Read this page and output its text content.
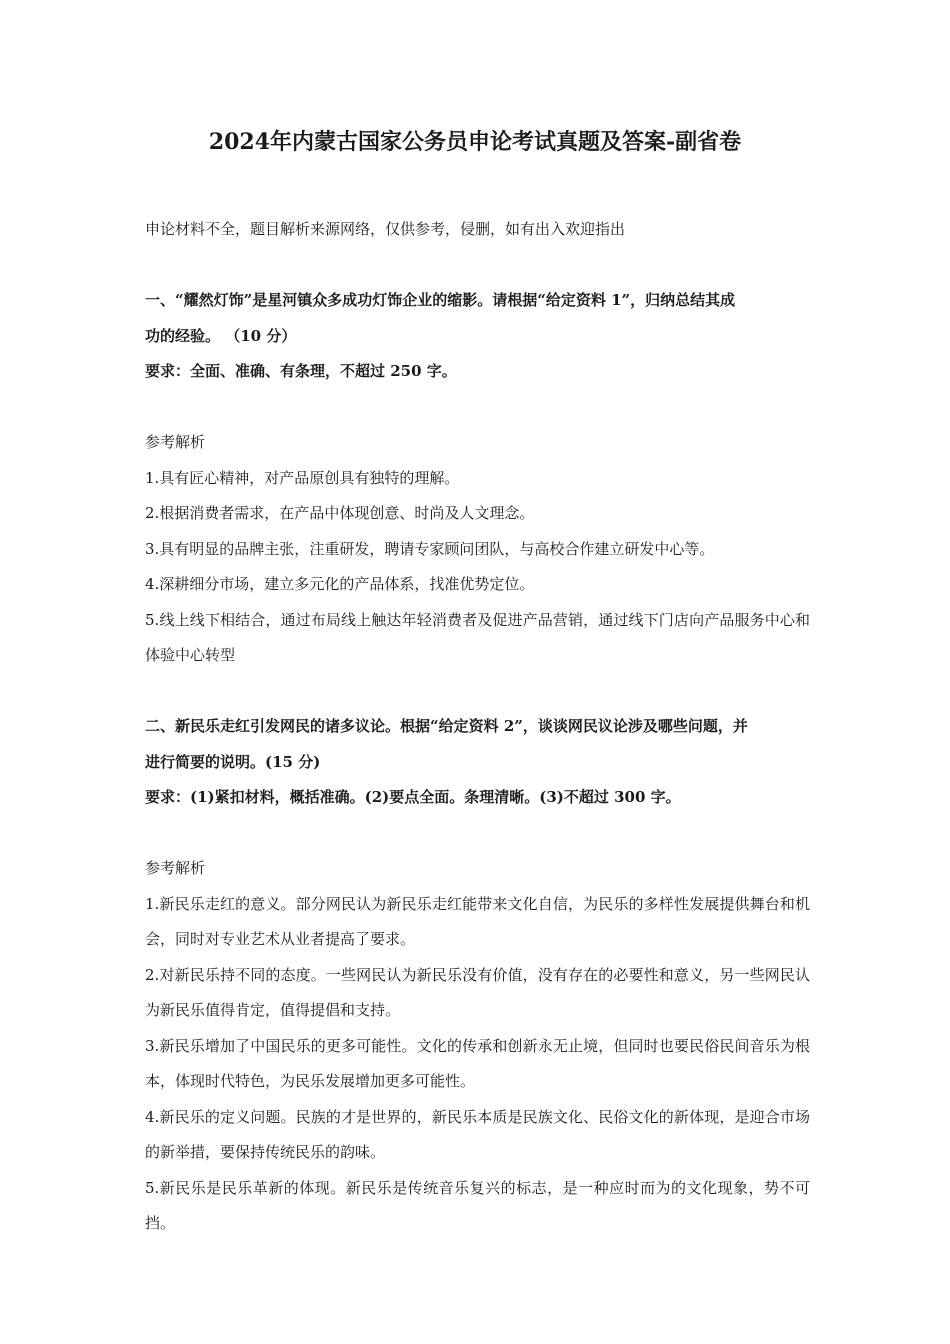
2024年内蒙古国家公务员申论考试真题及答案-副省卷

申论材料不全，题目解析来源网络，仅供参考，侵删，如有出入欢迎指出

一、“耀然灯饰”是星河镇众多成功灯饰企业的缩影。请根据“给定资料 1”，归纳总结其成

功的经验。 （10 分）

要求：全面、准确、有条理，不超过 250 字。

参考解析

1.具有匠心精神，对产品原创具有独特的理解。

2.根据消费者需求，在产品中体现创意、时尚及人文理念。

3.具有明显的品牌主张，注重研发，聘请专家顾问团队，与高校合作建立研发中心等。

4.深耕细分市场，建立多元化的产品体系，找准优势定位。

5.线上线下相结合，通过布局线上触达年轻消费者及促进产品营销，通过线下门店向产品服务中心和体验中心转型

二、新民乐走红引发网民的诸多议论。根据“给定资料 2”，谈谈网民议论涉及哪些问题，并

进行简要的说明。(15 分)

要求：(1)紧扣材料，概括准确。(2)要点全面。条理清晰。(3)不超过 300 字。

参考解析

1.新民乐走红的意义。部分网民认为新民乐走红能带来文化自信，为民乐的多样性发展提供舞台和机会，同时对专业艺术从业者提高了要求。

2.对新民乐持不同的态度。一些网民认为新民乐没有价值，没有存在的必要性和意义，另一些网民认为新民乐值得肯定，值得提倡和支持。

3.新民乐增加了中国民乐的更多可能性。文化的传承和创新永无止境，但同时也要民俗民间音乐为根本，体现时代特色，为民乐发展增加更多可能性。

4.新民乐的定义问题。民族的才是世界的，新民乐本质是民族文化、民俗文化的新体现，是迎合市场的新举措，要保持传统民乐的韵味。

5.新民乐是民乐革新的体现。新民乐是传统音乐复兴的标志，是一种应时而为的文化现象，势不可挡。
